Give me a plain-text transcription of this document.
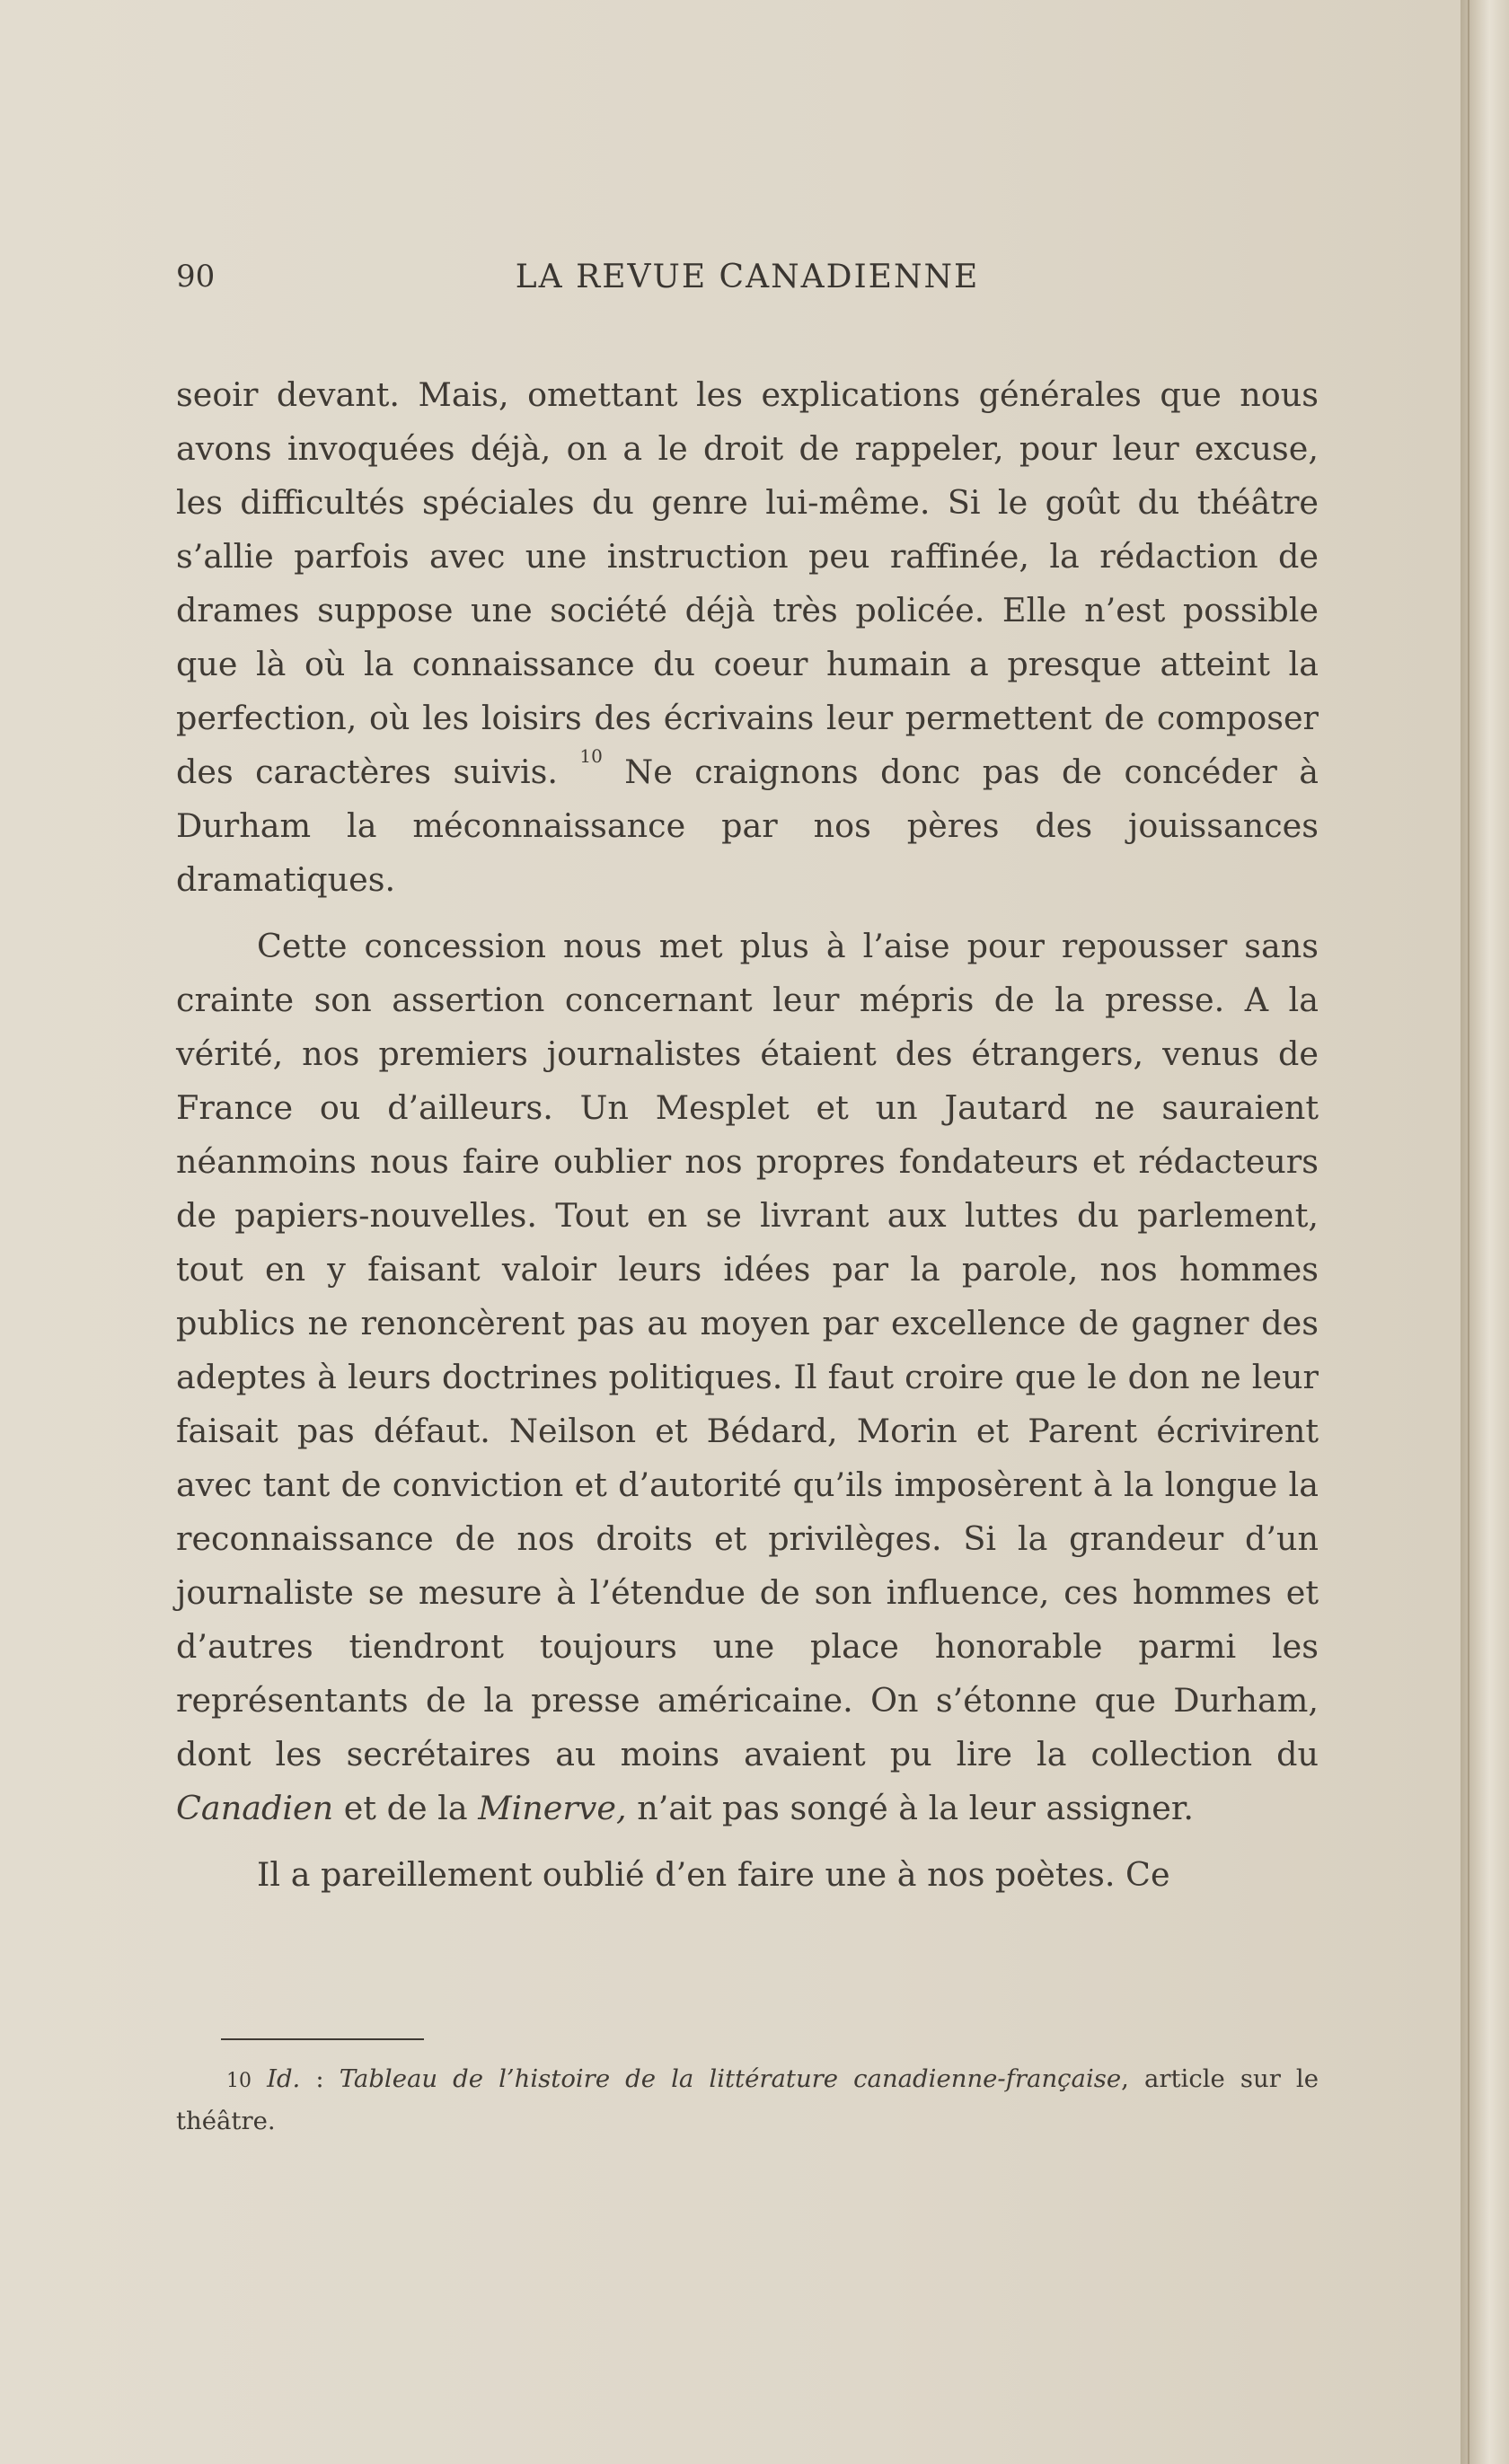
90	LA REVUE CANADIENNE

seoir devant. Mais, omettant les explications générales que nous avons invoquées déjà, on a le droit de rappeler, pour leur excuse, les difficultés spéciales du genre lui-même. Si le goût du théâtre s’allie parfois avec une instruction peu raffinée, la rédaction de drames suppose une société déjà très policée. Elle n’est possible que là où la connaissance du coeur humain a presque atteint la perfection, où les loisirs des écrivains leur permettent de composer des caractères suivis. $^{10}$ Ne craignons donc pas de concéder à Durham la méconnaissance par nos pères des jouissances dramatiques.

Cette concession nous met plus à l’aise pour repousser sans crainte son assertion concernant leur mépris de la presse. A la vérité, nos premiers journalistes étaient des étrangers, venus de France ou d’ailleurs. Un Mesplet et un Jautard ne sauraient néanmoins nous faire oublier nos propres fondateurs et rédacteurs de papiers-nouvelles. Tout en se livrant aux luttes du parlement, tout en y faisant valoir leurs idées par la parole, nos hommes publics ne renoncèrent pas au moyen par excellence de gagner des adeptes à leurs doctrines politiques. Il faut croire que le don ne leur faisait pas défaut. Neilson et Bédard, Morin et Parent écrivirent avec tant de conviction et d’autorité qu’ils imposèrent à la longue la reconnaissance de nos droits et privilèges. Si la grandeur d’un journaliste se mesure à l’étendue de son influence, ces hommes et d’autres tiendront toujours une place honorable parmi les représentants de la presse américaine. On s’étonne que Durham, dont les secrétaires au moins avaient pu lire la collection du Canadien et de la Minerve, n’ait pas songé à la leur assigner.

Il a pareillement oublié d’en faire une à nos poètes. Ce

10 Id. : Tableau de l’histoire de la littérature canadienne-française, article sur le théâtre.
